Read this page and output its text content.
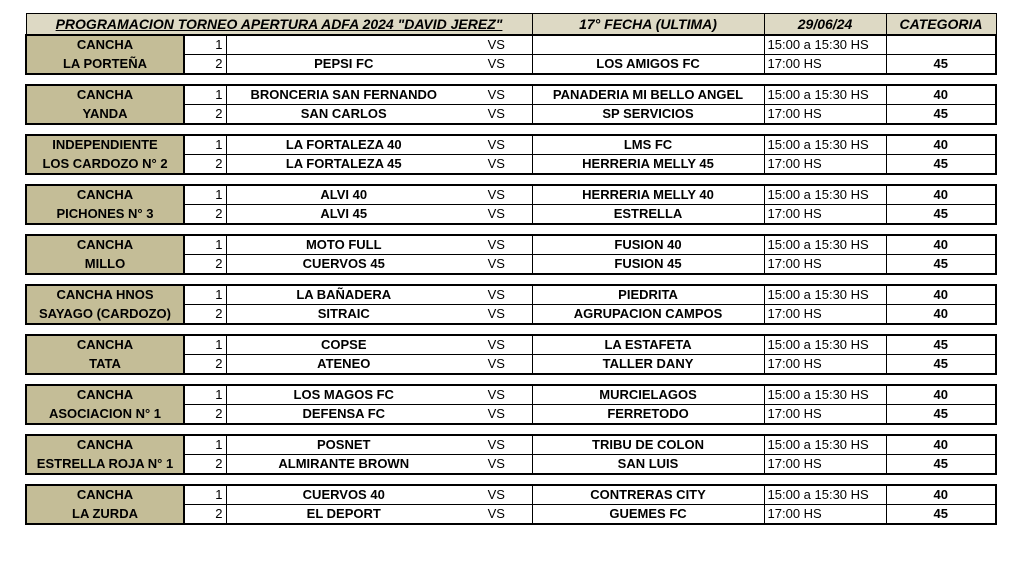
PROGRAMACION TORNEO APERTURA ADFA 2024 "DAVID JEREZ"				17° FECHA (ULTIMA)	29/06/24	CATEGORIA
CANCHA	1		VS		15:00 a 15:30 HS	
LA PORTEÑA	2	PEPSI FC	VS	LOS AMIGOS FC	17:00 HS	45

CANCHA	1	BRONCERIA SAN FERNANDO	VS	PANADERIA MI BELLO ANGEL	15:00 a 15:30 HS	40
YANDA	2	SAN CARLOS	VS	SP SERVICIOS	17:00 HS	45

INDEPENDIENTE	1	LA FORTALEZA 40	VS	LMS FC	15:00 a 15:30 HS	40
LOS CARDOZO N° 2	2	LA FORTALEZA 45	VS	HERRERIA MELLY 45	17:00 HS	45

CANCHA	1	ALVI 40	VS	HERRERIA MELLY 40	15:00 a 15:30 HS	40
PICHONES N° 3	2	ALVI 45	VS	ESTRELLA	17:00 HS	45

CANCHA	1	MOTO FULL	VS	FUSION 40	15:00 a 15:30 HS	40
MILLO	2	CUERVOS 45	VS	FUSION 45	17:00 HS	45

CANCHA HNOS	1	LA BAÑADERA	VS	PIEDRITA	15:00 a 15:30 HS	40
SAYAGO (CARDOZO)	2	SITRAIC	VS	AGRUPACION CAMPOS	17:00 HS	40

CANCHA	1	COPSE	VS	LA ESTAFETA	15:00 a 15:30 HS	45
TATA	2	ATENEO	VS	TALLER DANY	17:00 HS	45

CANCHA	1	LOS MAGOS FC	VS	MURCIELAGOS	15:00 a 15:30 HS	40
ASOCIACION N° 1	2	DEFENSA FC	VS	FERRETODO	17:00 HS	45

CANCHA	1	POSNET	VS	TRIBU DE COLON	15:00 a 15:30 HS	40
ESTRELLA ROJA N° 1	2	ALMIRANTE BROWN	VS	SAN LUIS	17:00 HS	45

CANCHA	1	CUERVOS 40	VS	CONTRERAS CITY	15:00 a 15:30 HS	40
LA ZURDA	2	EL DEPORT	VS	GUEMES FC	17:00 HS	45
